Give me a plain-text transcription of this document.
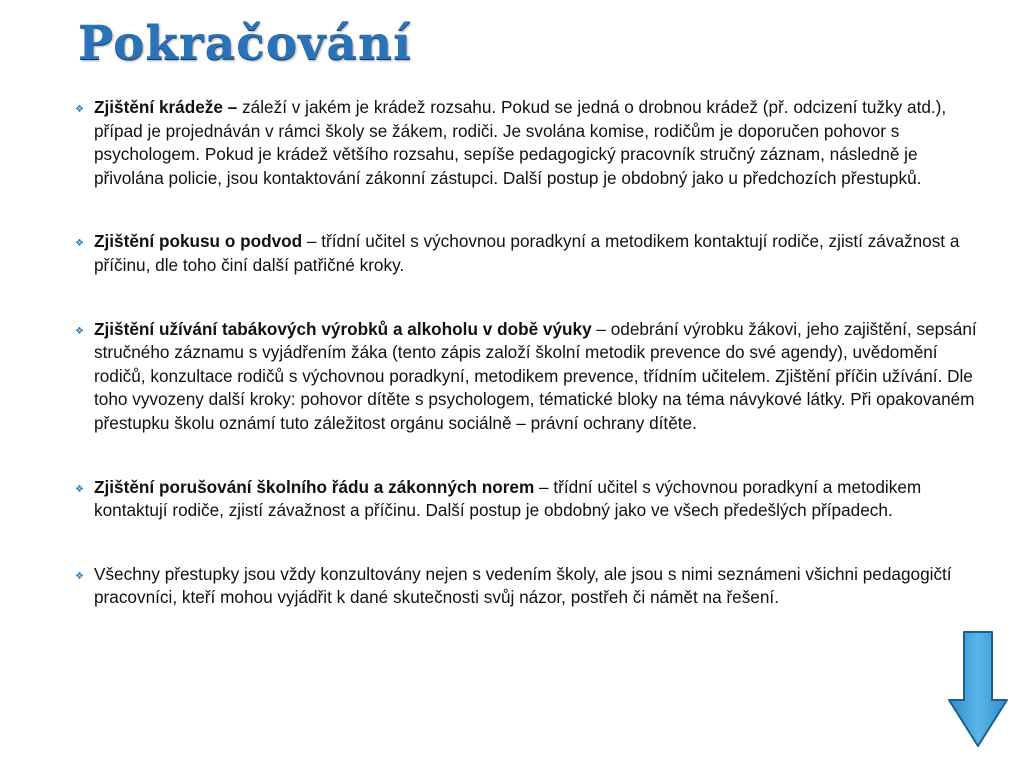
Pokračování
❖ Zjištění krádeže – záleží v jakém je krádež rozsahu. Pokud se jedná o drobnou krádež (př. odcizení tužky atd.), případ je projednáván v rámci školy se žákem, rodiči. Je svolána komise, rodičům je doporučen pohovor s psychologem. Pokud je krádež většího rozsahu, sepíše pedagogický pracovník stručný záznam, následně je přivolána policie, jsou kontaktování zákonní zástupci. Další postup je obdobný jako u předchozích přestupků.
❖ Zjištění pokusu o podvod – třídní učitel s výchovnou poradkyní a metodikem kontaktují rodiče, zjistí závažnost a příčinu, dle toho činí další patřičné kroky.
❖ Zjištění užívání tabákových výrobků a alkoholu v době výuky – odebrání výrobku žákovi, jeho zajištění, sepsání stručného záznamu s vyjádřením žáka (tento zápis založí školní metodik prevence do své agendy), uvědomění rodičů, konzultace rodičů s výchovnou poradkyní, metodikem prevence, třídním učitelem. Zjištění příčin užívání. Dle toho vyvozeny další kroky: pohovor dítěte s psychologem, tématické bloky na téma návykové látky. Při opakovaném přestupku školu oznámí tuto záležitost orgánu sociálně – právní ochrany dítěte.
❖ Zjištění porušování školního řádu a zákonných norem – třídní učitel s výchovnou poradkyní a metodikem kontaktují rodiče, zjistí závažnost a příčinu. Další postup je obdobný jako ve všech předešlých případech.
❖ Všechny přestupky jsou vždy konzultovány nejen s vedením školy, ale jsou s nimi seznámeni všichni pedagogičtí pracovníci, kteří mohou vyjádřit k dané skutečnosti svůj názor, postřeh či námět na řešení.
